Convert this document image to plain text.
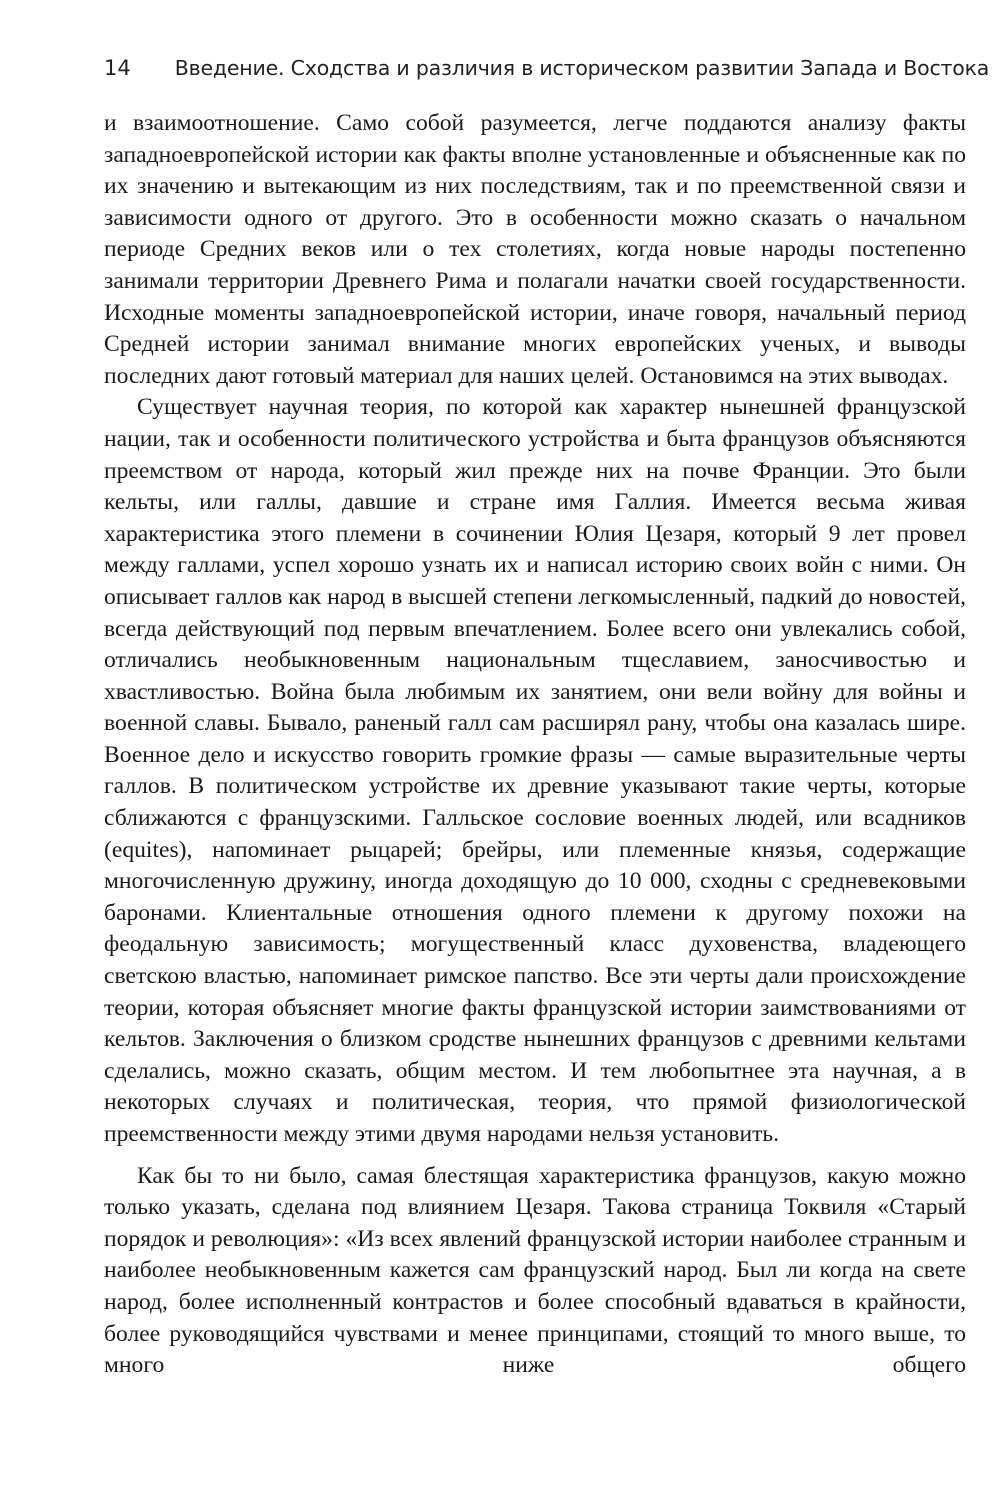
14 Введение. Сходства и различия в историческом развитии Запада и Востока

и взаимоотношение. Само собой разумеется, легче поддаются анализу факты западноевропейской истории как факты вполне установленные и объясненные как по их значению и вытекающим из них последствиям, так и по преемственной связи и зависимости одного от другого. Это в особенности можно сказать о начальном периоде Средних веков или о тех столетиях, когда новые народы постепенно занимали территории Древнего Рима и полагали начатки своей государственности. Исходные моменты западноевропейской истории, иначе говоря, начальный период Средней истории занимал внимание многих европейских ученых, и выводы последних дают готовый материал для наших целей. Остановимся на этих выводах.

Существует научная теория, по которой как характер нынешней французской нации, так и особенности политического устройства и быта французов объясняются преемством от народа, который жил прежде них на почве Франции. Это были кельты, или галлы, давшие и стране имя Галлия. Имеется весьма живая характеристика этого племени в сочинении Юлия Цезаря, который 9 лет провел между галлами, успел хорошо узнать их и написал историю своих войн с ними. Он описывает галлов как народ в высшей степени легкомысленный, падкий до новостей, всегда действующий под первым впечатлением. Более всего они увлекались собой, отличались необыкновенным национальным тщеславием, заносчивостью и хвастливостью. Война была любимым их занятием, они вели войну для войны и военной славы. Бывало, раненый галл сам расширял рану, чтобы она казалась шире. Военное дело и искусство говорить громкие фразы — самые выразительные черты галлов. В политическом устройстве их древние указывают такие черты, которые сближаются с французскими. Галльское сословие военных людей, или всадников (equites), напоминает рыцарей; брейры, или племенные князья, содержащие многочисленную дружину, иногда доходящую до 10 000, сходны с средневековыми баронами. Клиентальные отношения одного племени к другому похожи на феодальную зависимость; могущественный класс духовенства, владеющего светскою властью, напоминает римское папство. Все эти черты дали происхождение теории, которая объясняет многие факты французской истории заимствованиями от кельтов. Заключения о близком сродстве нынешних французов с древними кельтами сделались, можно сказать, общим местом. И тем любопытнее эта научная, а в некоторых случаях и политическая, теория, что прямой физиологической преемственности между этими двумя народами нельзя установить.

Как бы то ни было, самая блестящая характеристика французов, какую можно только указать, сделана под влиянием Цезаря. Такова страница Токвиля «Старый порядок и революция»: «Из всех явлений французской истории наиболее странным и наиболее необыкновенным кажется сам французский народ. Был ли когда на свете народ, более исполненный контрастов и более способный вдаваться в крайности, более руководящийся чувствами и менее принципами, стоящий то много выше, то много ниже общего
